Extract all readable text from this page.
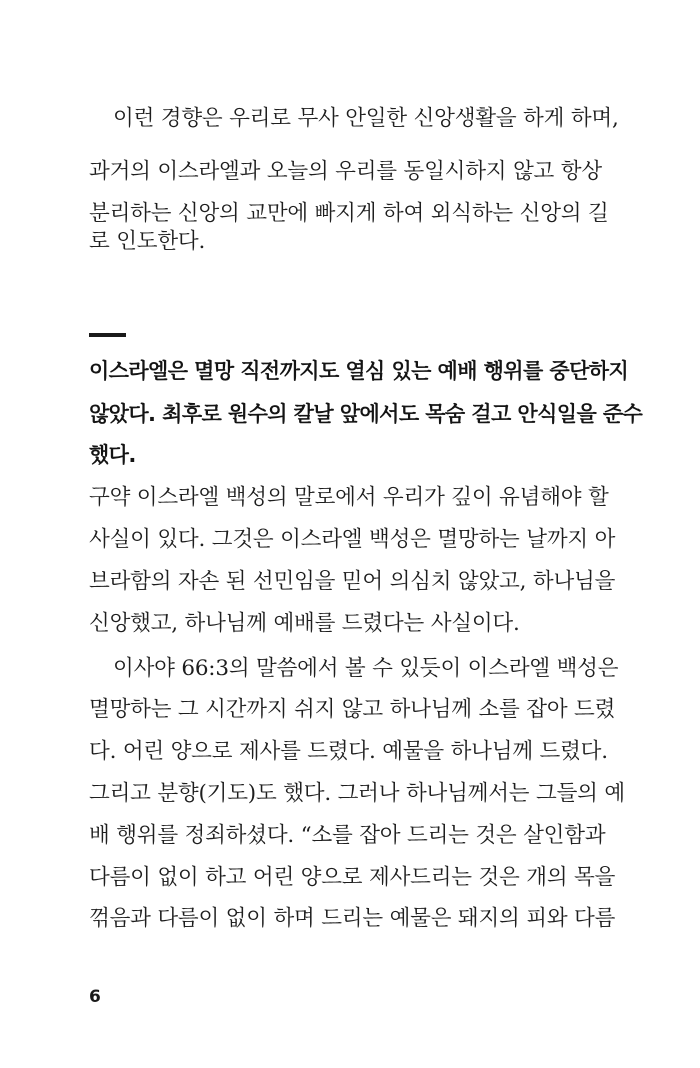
이런 경향은 우리로 무사 안일한 신앙생활을 하게 하며,
과거의 이스라엘과 오늘의 우리를 동일시하지 않고 항상
분리하는 신앙의 교만에 빠지게 하여 외식하는 신앙의 길
로 인도한다.
이스라엘은 멸망 직전까지도 열심 있는 예배 행위를 중단하지
않았다. 최후로 원수의 칼날 앞에서도 목숨 걸고 안식일을 준수
했다.
구약 이스라엘 백성의 말로에서 우리가 깊이 유념해야 할
사실이 있다. 그것은 이스라엘 백성은 멸망하는 날까지 아
브라함의 자손 된 선민임을 믿어 의심치 않았고, 하나님을
신앙했고, 하나님께 예배를 드렸다는 사실이다.
이사야 66:3의 말씀에서 볼 수 있듯이 이스라엘 백성은
멸망하는 그 시간까지 쉬지 않고 하나님께 소를 잡아 드렸
다. 어린 양으로 제사를 드렸다. 예물을 하나님께 드렸다.
그리고 분향(기도)도 했다. 그러나 하나님께서는 그들의 예
배 행위를 정죄하셨다. “소를 잡아 드리는 것은 살인함과
다름이 없이 하고 어린 양으로 제사드리는 것은 개의 목을
꺾음과 다름이 없이 하며 드리는 예물은 돼지의 피와 다름
6
